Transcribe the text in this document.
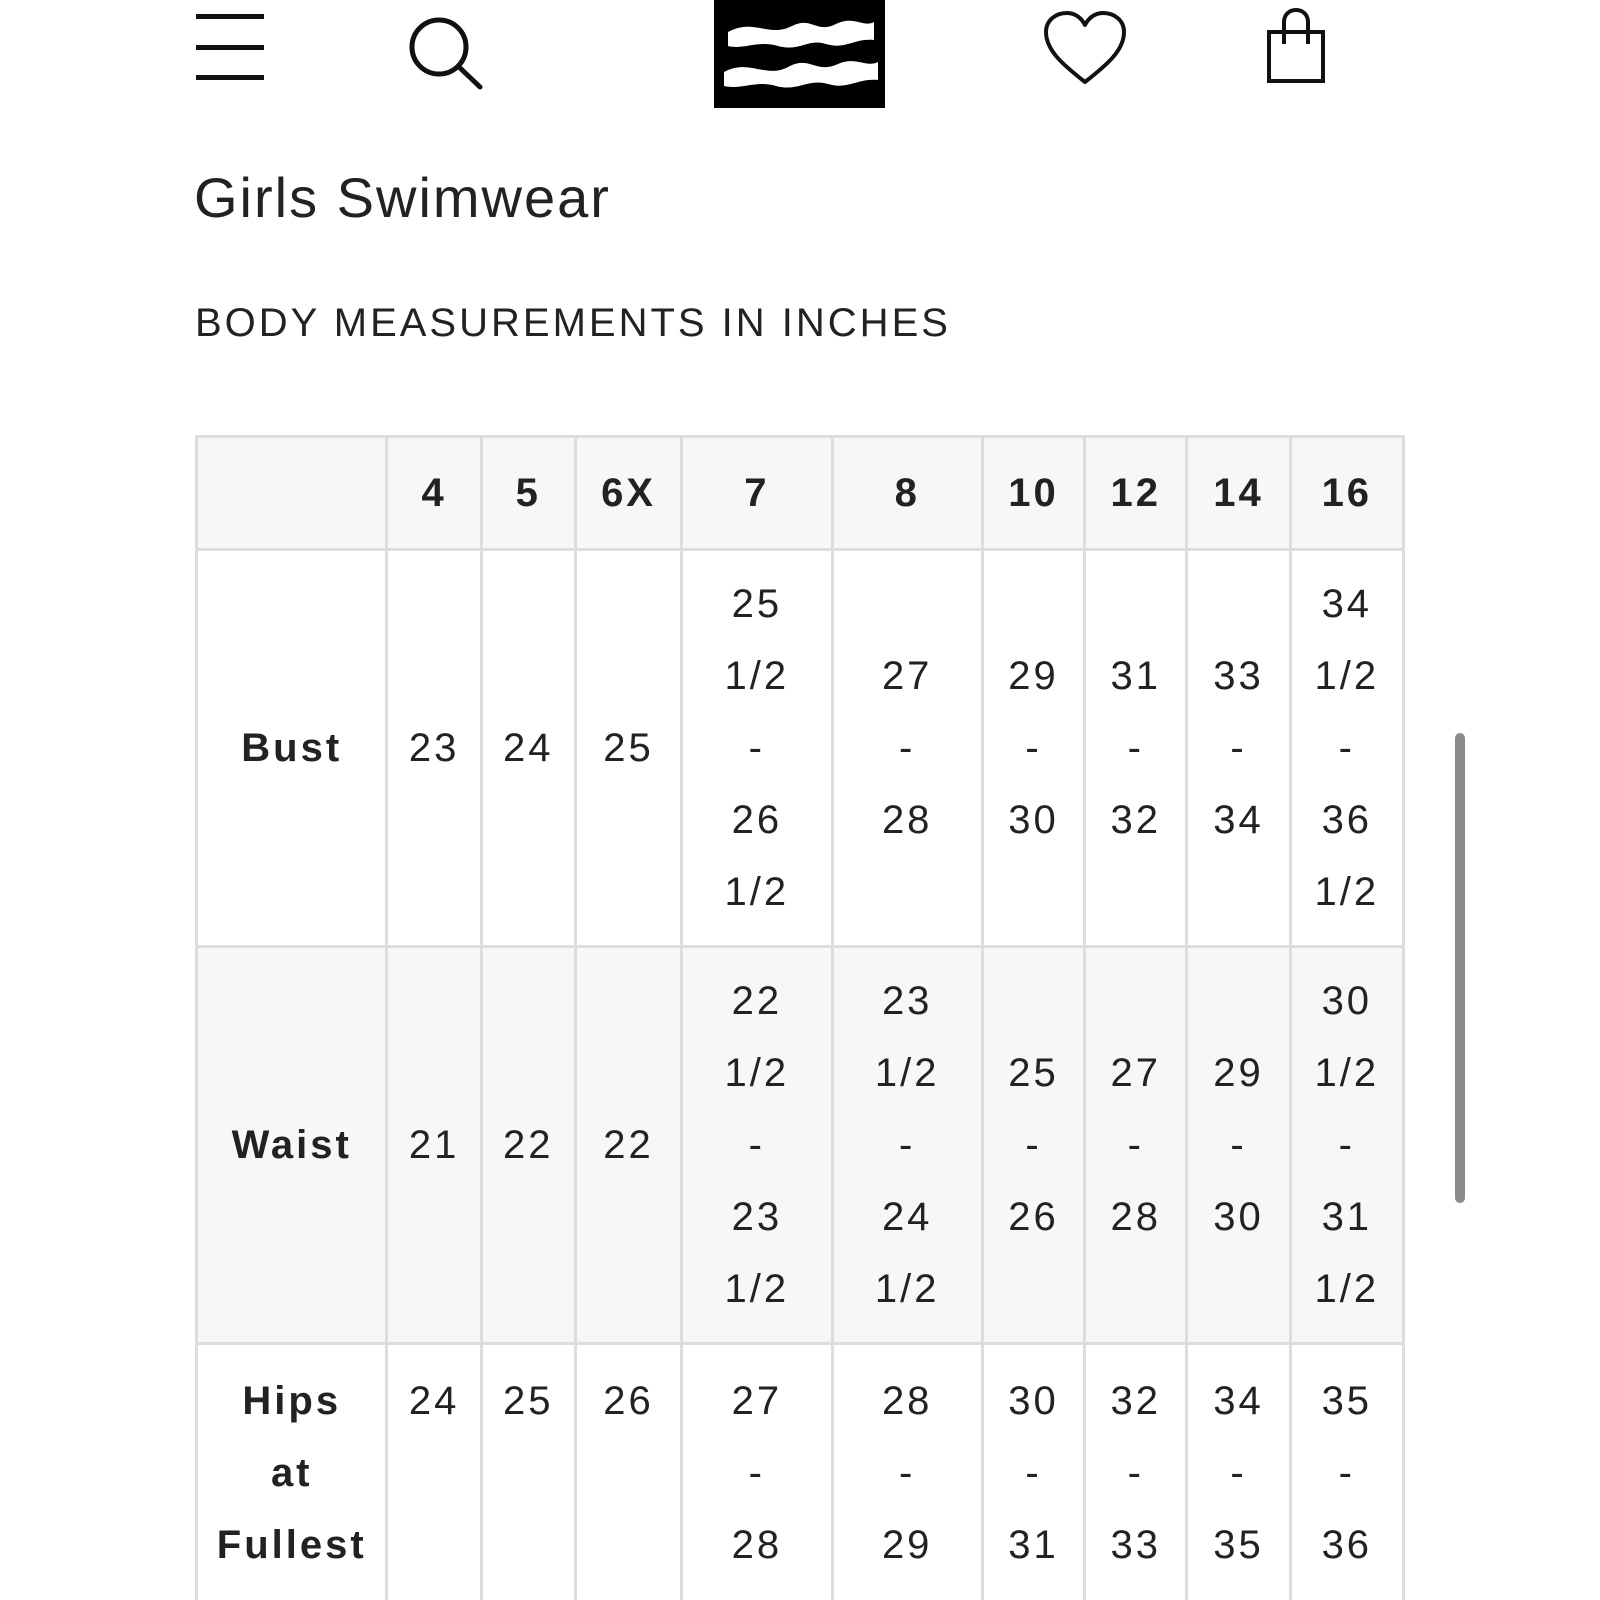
Girls Swimwear
BODY MEASUREMENTS IN INCHES
	4	5	6X	7	8	10	12	14	16
Bust	23	24	25	25 1/2 - 26 1/2	27 - 28	29 - 30	31 - 32	33 - 34	34 1/2 - 36 1/2
Waist	21	22	22	22 1/2 - 23 1/2	23 1/2 - 24 1/2	25 - 26	27 - 28	29 - 30	30 1/2 - 31 1/2
Hips at Fullest	24	25	26	27 - 28	28 - 29	30 - 31	32 - 33	34 - 35	35 - 36
